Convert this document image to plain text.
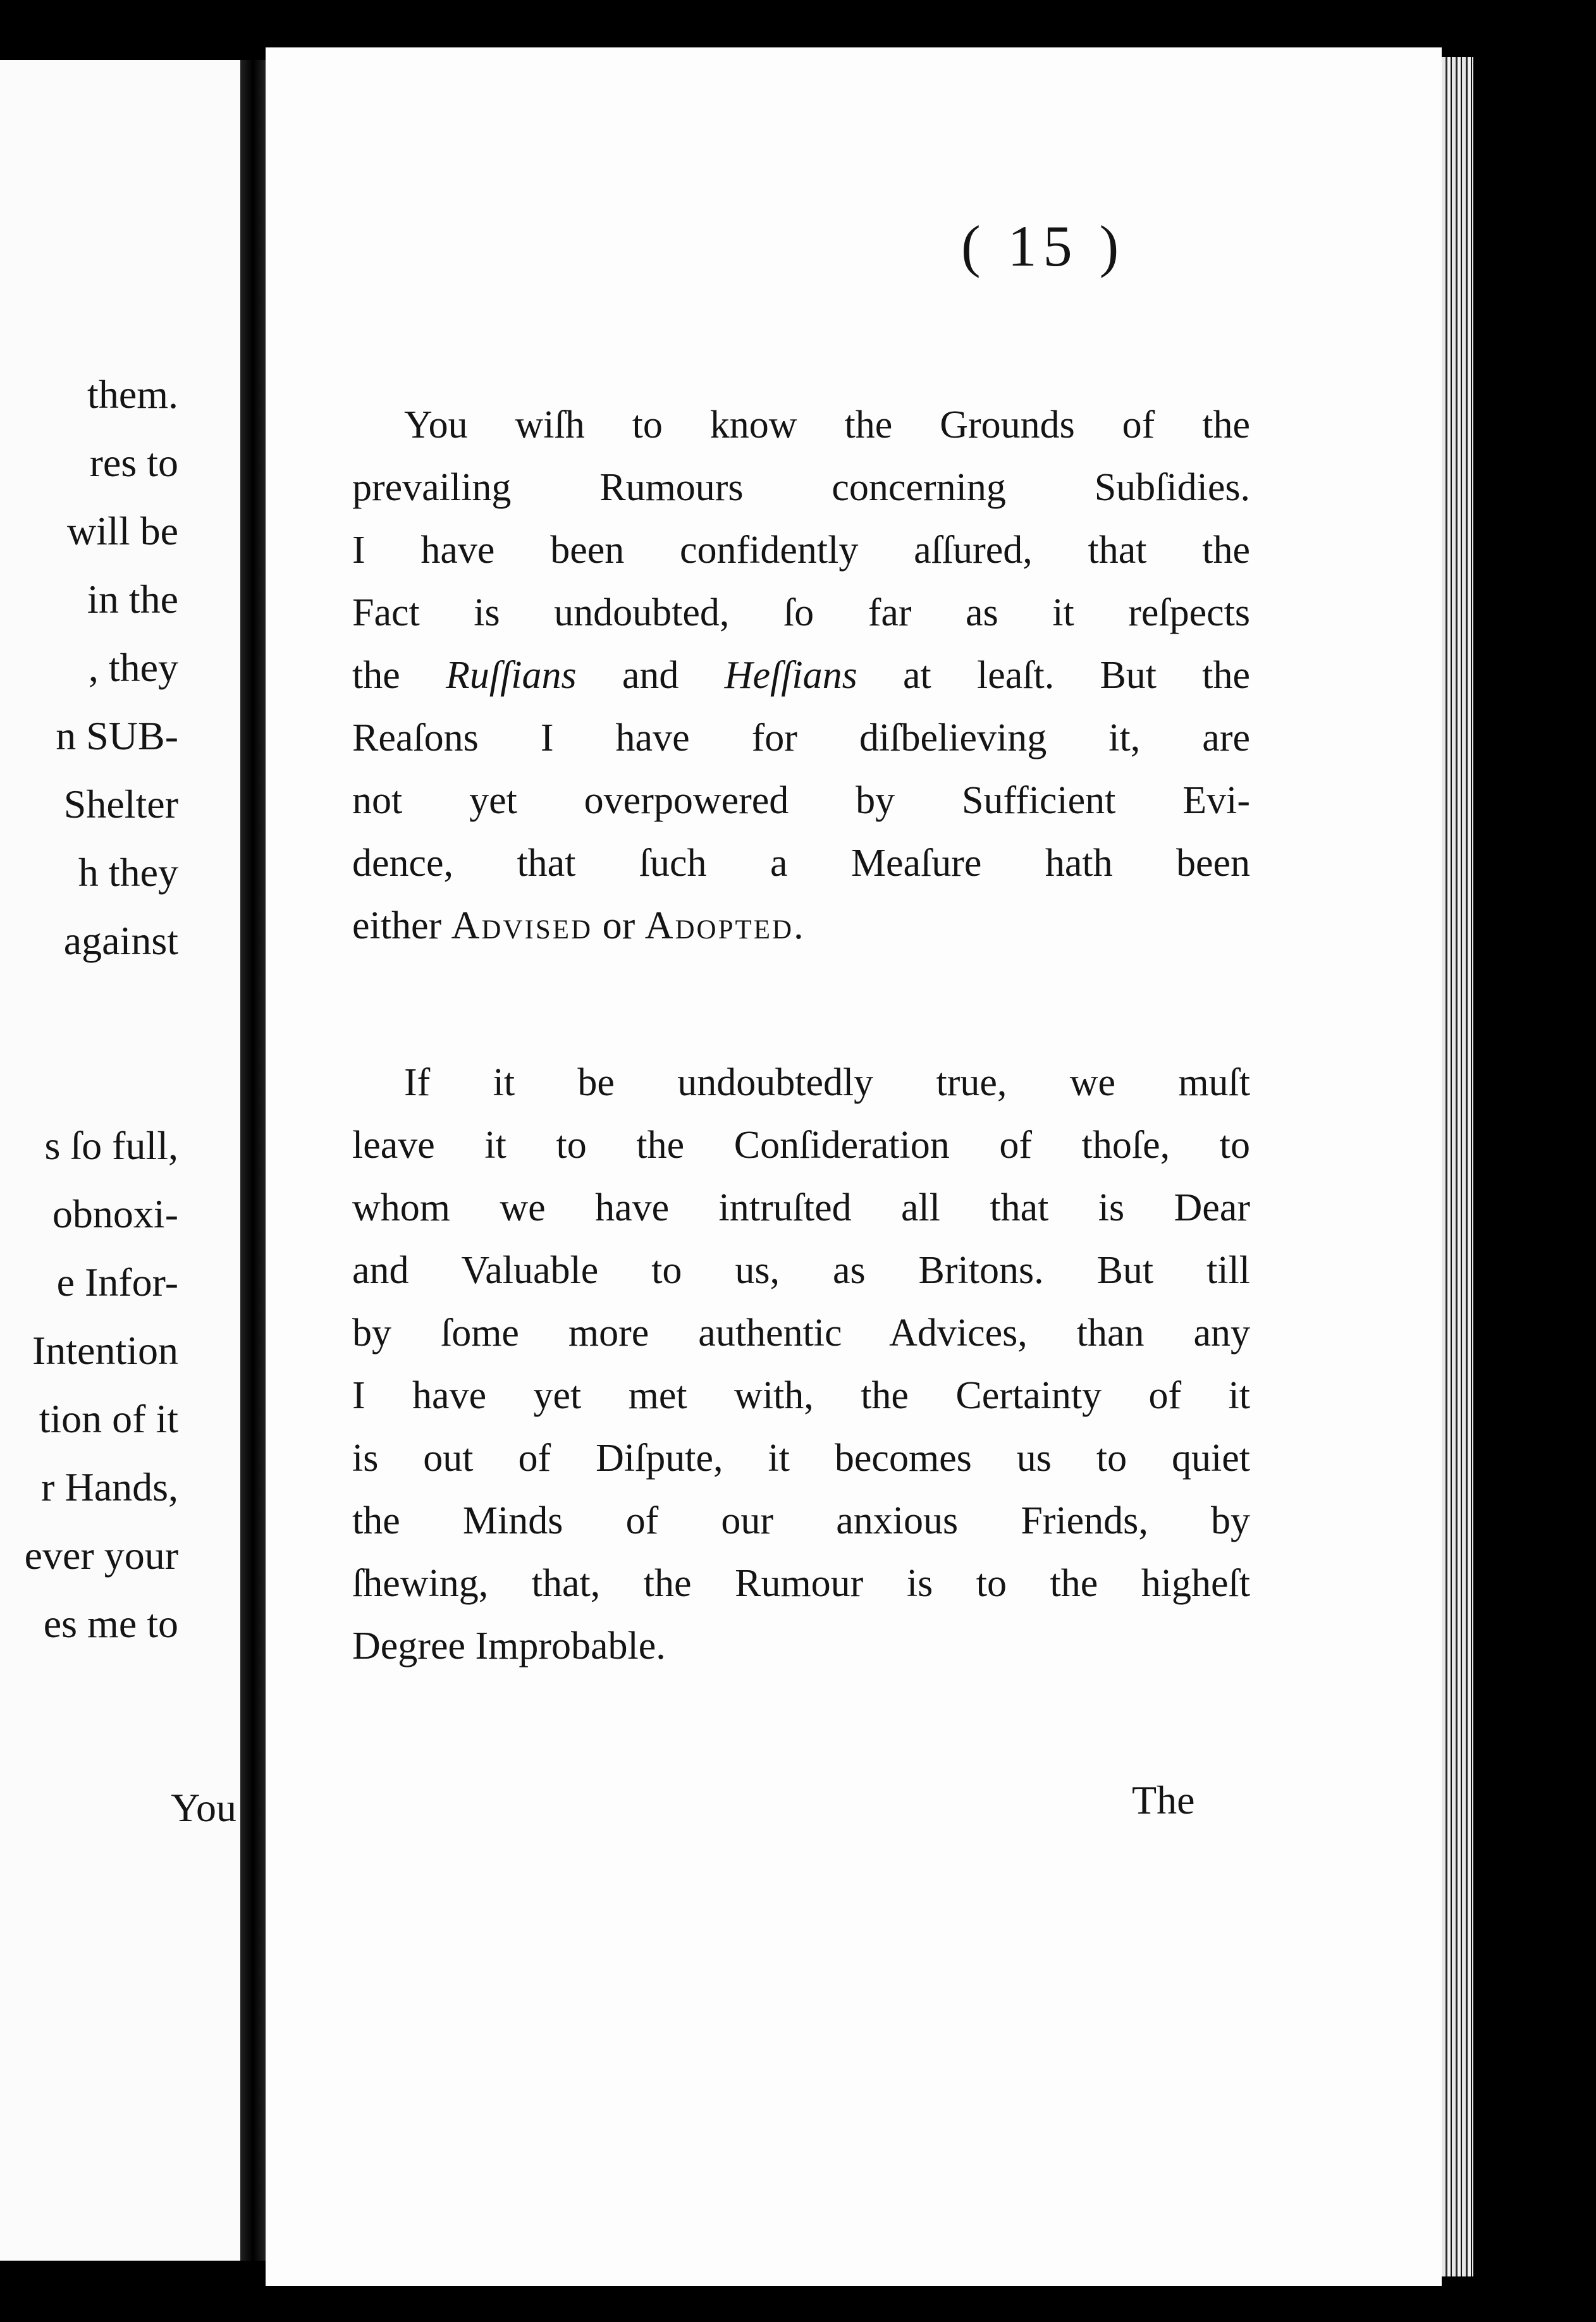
them.

res to

will be

in the

, they

n SUB-

Shelter

h they

against

s ſo full,

obnoxi-

e Infor-

Intention

tion of it

r Hands,

ever your

es me to

You

( 15 )

You wiſh to know the Grounds of the
prevailing Rumours concerning Subſidies.
I have been confidently aſſured, that the
Fact is undoubted, ſo far as it reſpects
the Ruſſians and Heſſians at leaſt. But the
Reaſons I have for diſbelieving it, are
not yet overpowered by Sufficient Evi-
dence, that ſuch a Meaſure hath been
either Advised or Adopted.
If it be undoubtedly true, we muſt
leave it to the Conſideration of thoſe, to
whom we have intruſted all that is Dear
and Valuable to us, as Britons. But till
by ſome more authentic Advices, than any
I have yet met with, the Certainty of it
is out of Diſpute, it becomes us to quiet
the Minds of our anxious Friends, by
ſhewing, that, the Rumour is to the higheſt
Degree Improbable.

The
